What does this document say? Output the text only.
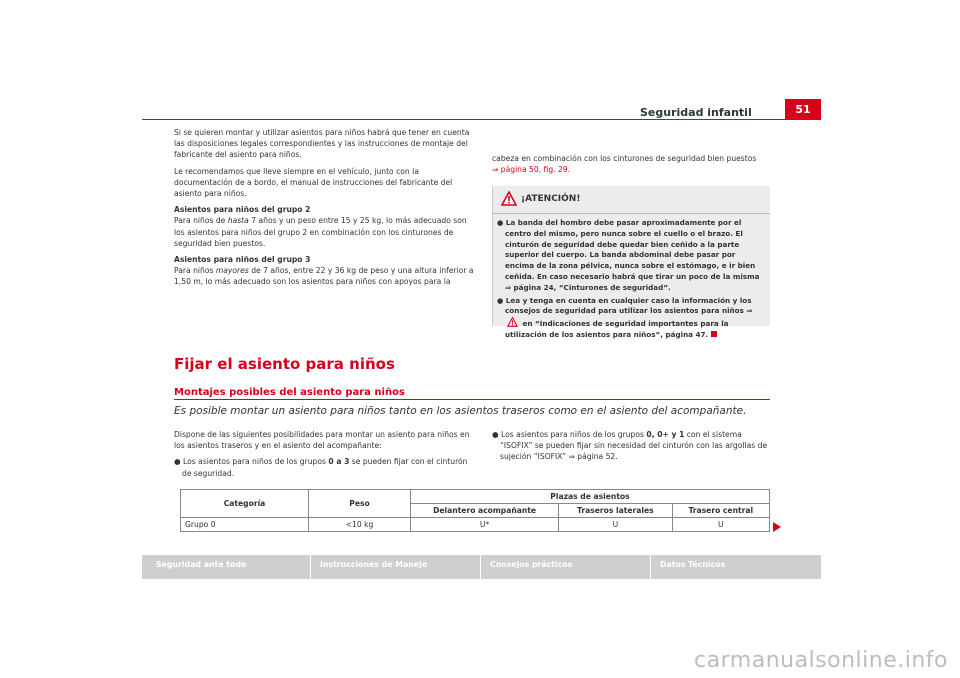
Seguridad infantil	51

Si se quieren montar y utilizar asientos para niños habrá que tener en cuenta las disposiciones legales correspondientes y las instrucciones de montaje del fabricante del asiento para niños.

Le recomendamos que lleve siempre en el vehículo, junto con la documentación de a bordo, el manual de instrucciones del fabricante del asiento para niños.

Asientos para niños del grupo 2

Para niños de hasta 7 años y un peso entre 15 y 25 kg, lo más adecuado son los asientos para niños del grupo 2 en combinación con los cinturones de seguridad bien puestos.

Asientos para niños del grupo 3

Para niños mayores de 7 años, entre 22 y 36 kg de peso y una altura inferior a 1,50 m, lo más adecuado son los asientos para niños con apoyos para la

cabeza en combinación con los cinturones de seguridad bien puestos
⇒ página 50, fig. 29.

¡ATENCIÓN!

● La banda del hombro debe pasar aproximadamente por el centro del mismo, pero nunca sobre el cuello o el brazo. El cinturón de seguridad debe quedar bien ceñido a la parte superior del cuerpo. La banda abdominal debe pasar por encima de la zona pélvica, nunca sobre el estómago, e ir bien ceñida. En caso necesario habrá que tirar un poco de la misma ⇒ página 24, “Cinturones de seguridad”.

● Lea y tenga en cuenta en cualquier caso la información y los consejos de seguridad para utilizar los asientos para niños ⇒ en “Indicaciones de seguridad importantes para la utilización de los asientos para niños”, página 47.

Fijar el asiento para niños
Montajes posibles del asiento para niños
Es posible montar un asiento para niños tanto en los asientos traseros como en el asiento del acompañante.

Dispone de las siguientes posibilidades para montar un asiento para niños en los asientos traseros y en el asiento del acompañante:

● Los asientos para niños de los grupos 0 a 3 se pueden fijar con el cinturón de seguridad.

● Los asientos para niños de los grupos 0, 0+ y 1 con el sistema “ISOFIX” se pueden fijar sin necesidad del cinturón con las argollas de sujeción “ISOFIX” ⇒ página 52.

Categoría	Peso	Plazas de asientos		
		Delantero acompañante	Traseros laterales	Trasero central
Grupo 0	<10 kg	U*	U	U
Seguridad ante todo	Instrucciones de Manejo	Consejos prácticos	Datos Técnicos
carmanualsonline.info
